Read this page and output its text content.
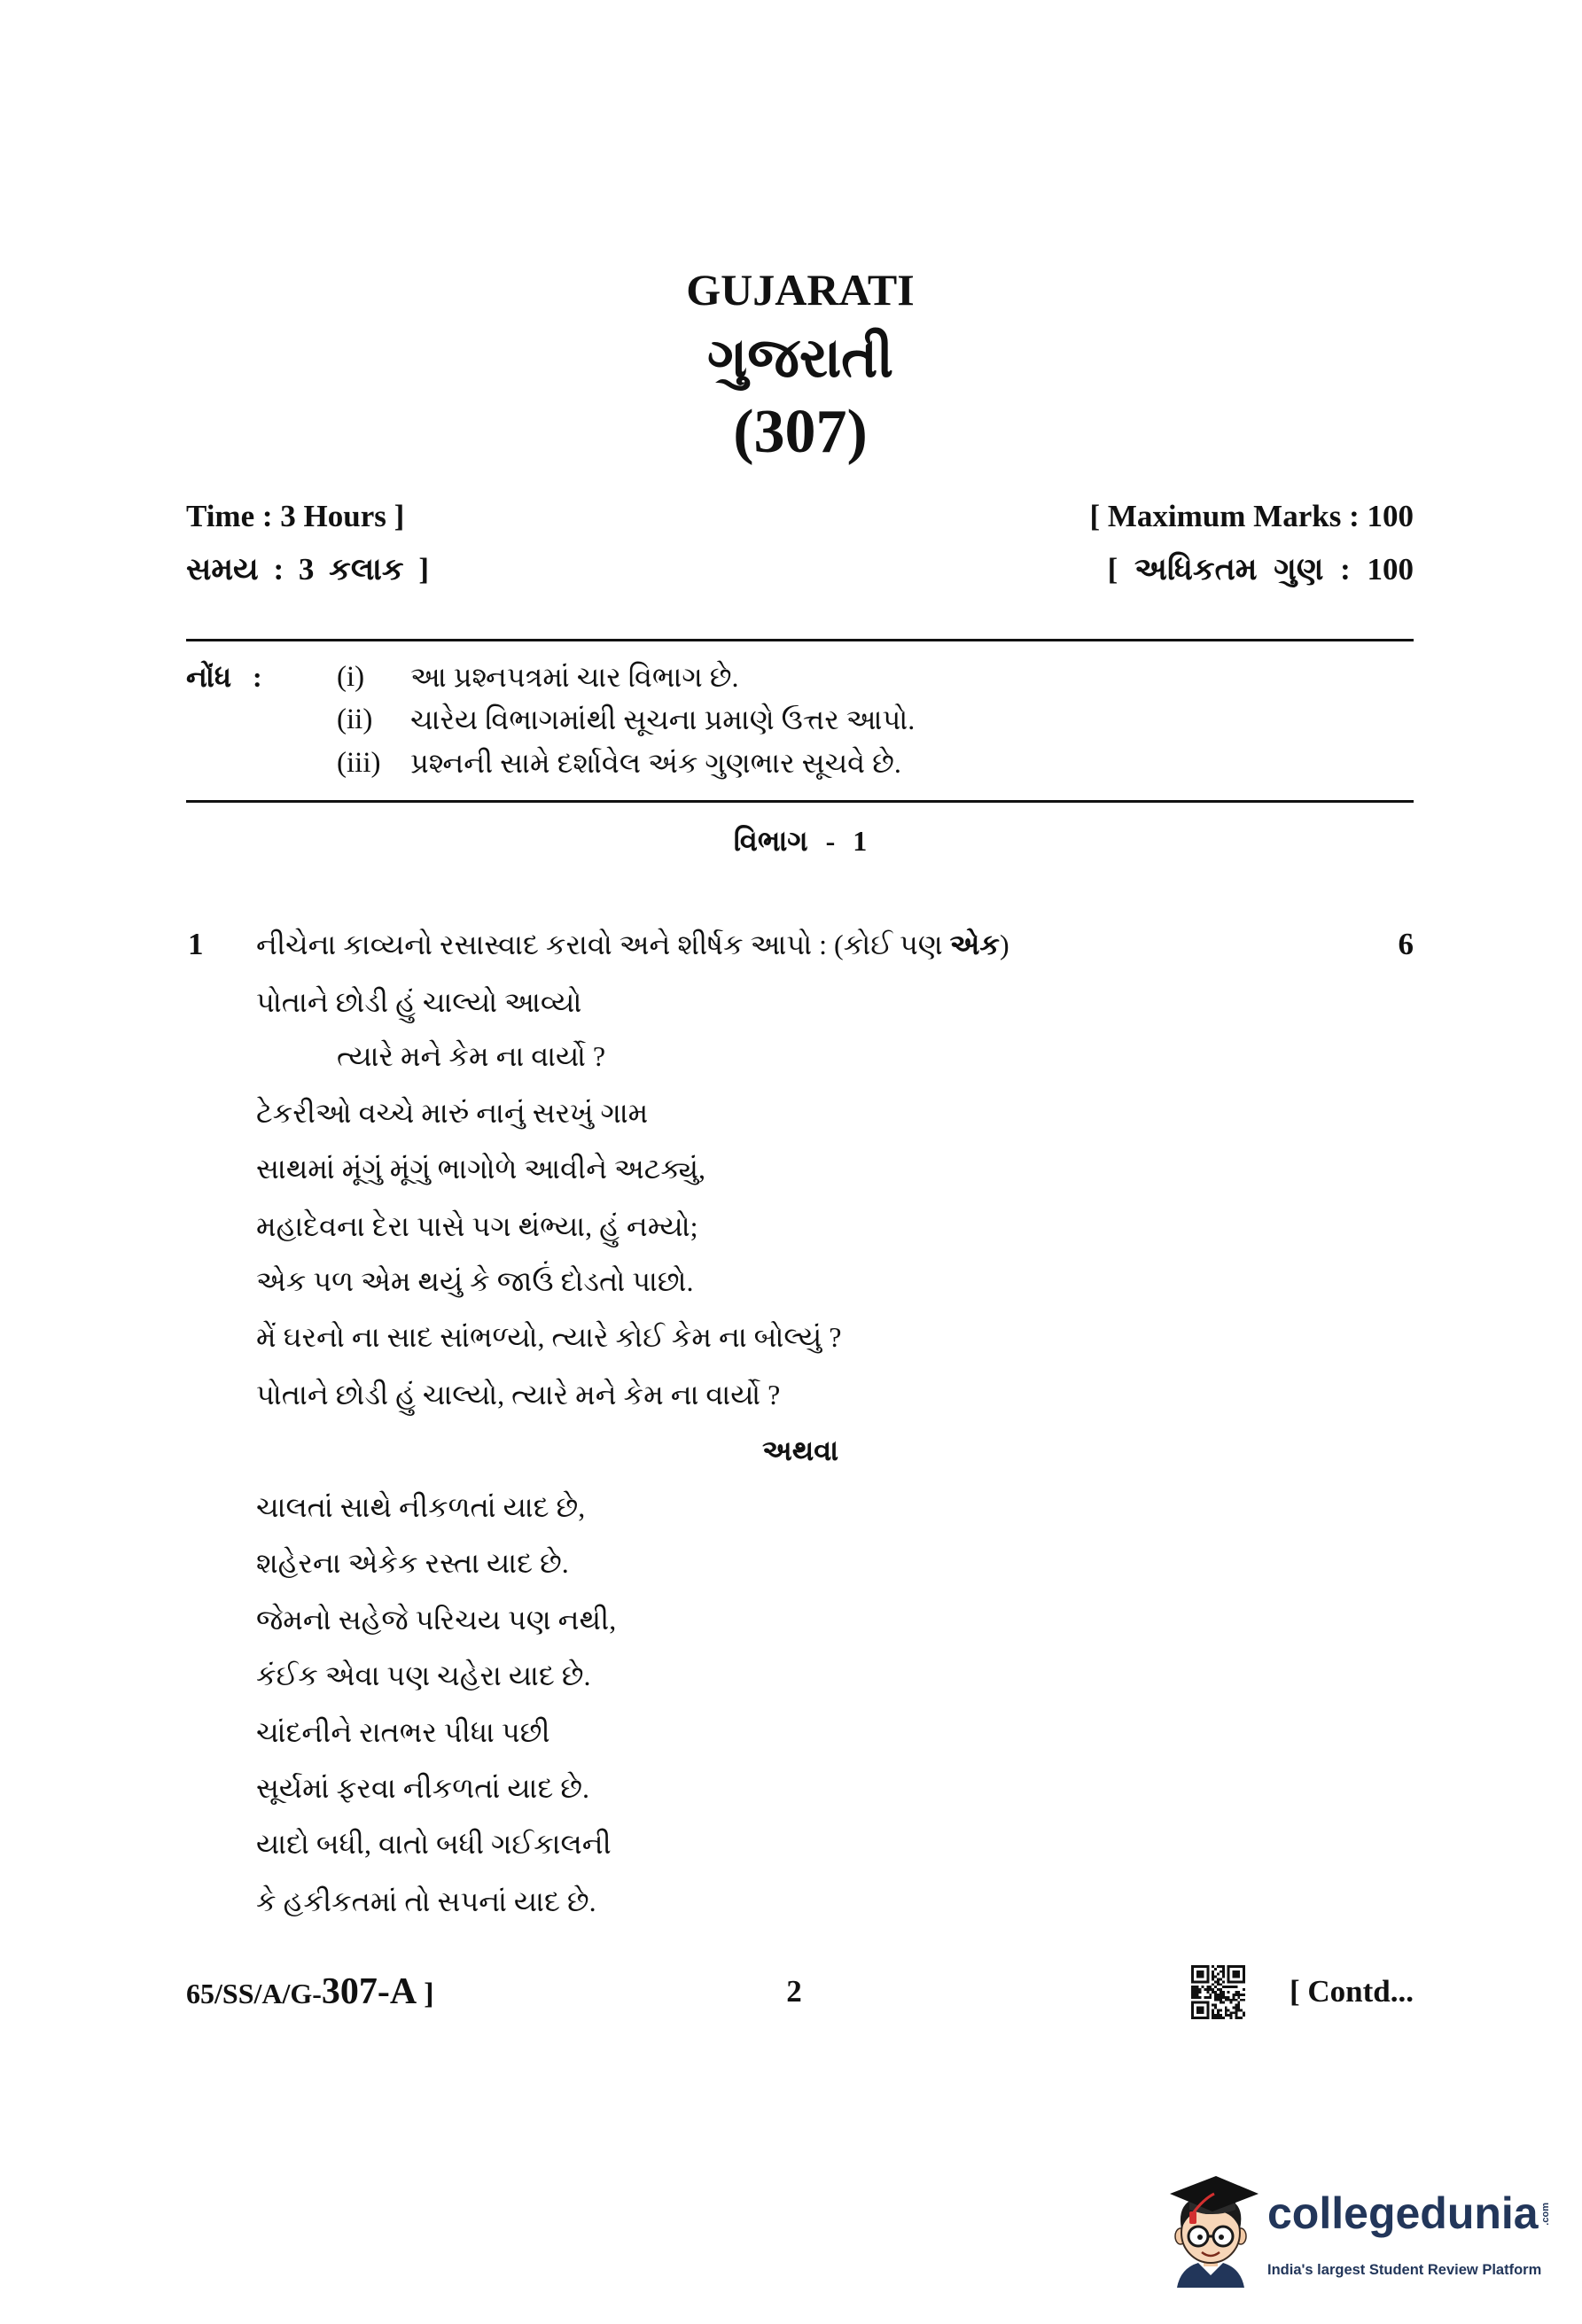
GUJARATI
ગુજરાતી
(307)
Time : 3 Hours ]	[ Maximum Marks : 100
સમય : 3 કલાક ]	[ અધિકતમ ગુણ : 100
નોંધ :	(i) આ પ્રશ્નપત્રમાં ચાર વિભાગ છે.
(ii) ચારેય વિભાગમાંથી સૂચના પ્રમાણે ઉત્તર આપો.
(iii) પ્રશ્નની સામે દર્શાવેલ અંક ગુણભાર સૂચવે છે.
વિભાગ - 1
1 નીચેના કાવ્યનો રસાસ્વાદ કરાવો અને શીર્ષક આપો : (કોઈ પણ એક)	6
પોતાને છોડી હું ચાલ્યો આવ્યો
ત્યારે મને કેમ ના વાર્યો ?
ટેકરીઓ વચ્ચે મારું નાનું સરખું ગામ
સાથમાં મૂંગું મૂંગું ભાગોળે આવીને અટક્યું,
મહાદેવના દેરા પાસે પગ થંભ્યા, હું નમ્યો;
એક પળ એમ થયું કે જાઉં દોડતો પાછો.
મેં ઘરનો ના સાદ સાંભળ્યો, ત્યારે કોઈ કેમ ના બોલ્યું ?
પોતાને છોડી હું ચાલ્યો, ત્યારે મને કેમ ના વાર્યો ?
અથવા
ચાલતાં સાથે નીકળતાં યાદ છે,
શહેરના એકેક રસ્તા યાદ છે.
જેમનો સહેજે પરિચય પણ નથી,
કંઈક એવા પણ ચહેરા યાદ છે.
ચાંદનીને રાતભર પીધા પછી
સૂર્યમાં ફરવા નીકળતાં યાદ છે.
યાદો બધી, વાતો બધી ગઈકાલની
કે હકીકતમાં તો સપનાં યાદ છે.
65/SS/A/G-307-A ]	2	[ Contd...
collegedunia .com
India's largest Student Review Platform
